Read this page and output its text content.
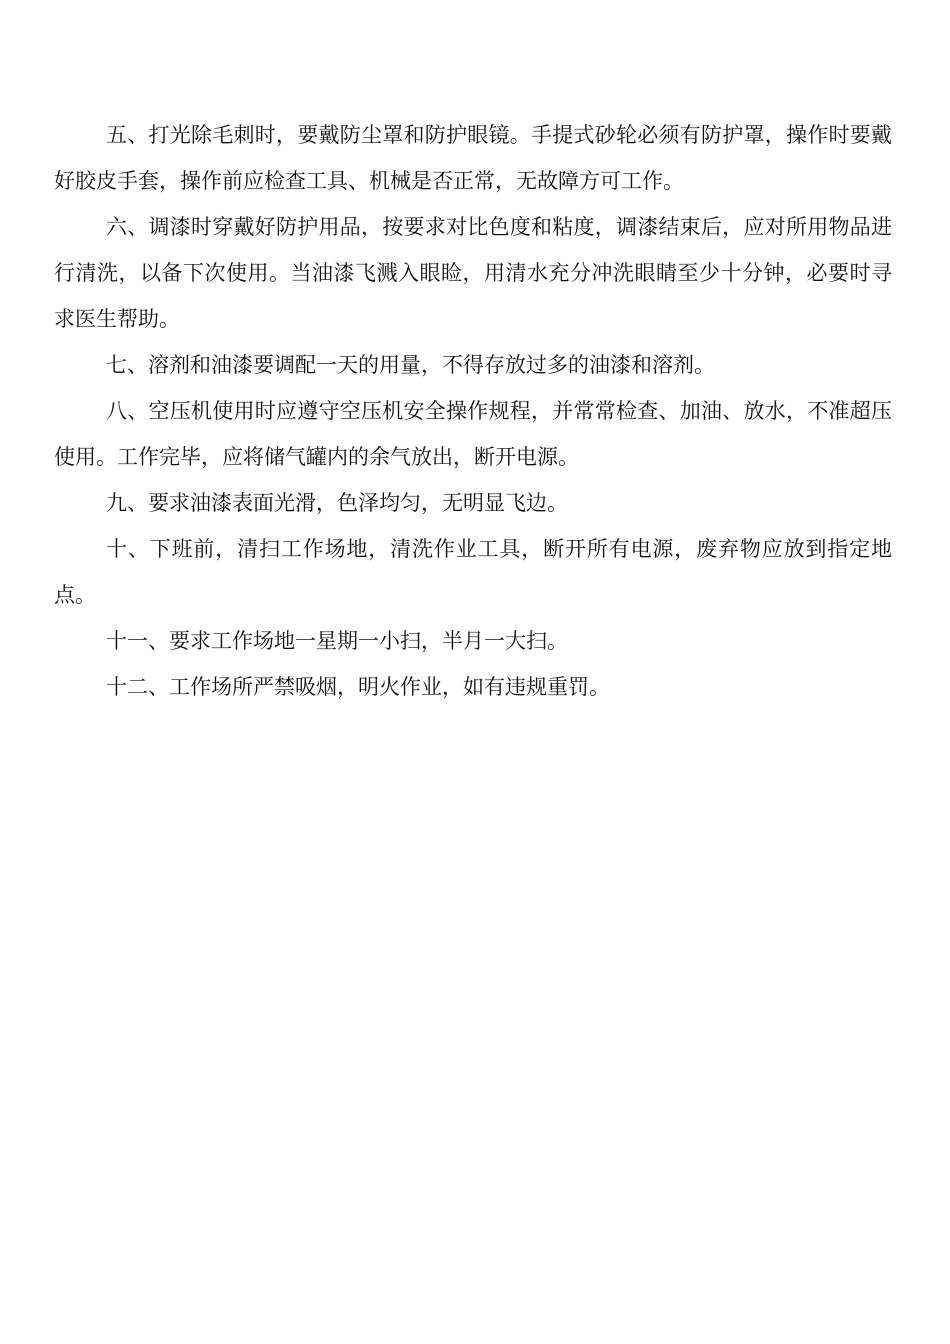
五、打光除毛刺时，要戴防尘罩和防护眼镜。手提式砂轮必须有防护罩，操作时要戴好胶皮手套，操作前应检查工具、机械是否正常，无故障方可工作。

六、调漆时穿戴好防护用品，按要求对比色度和粘度，调漆结束后，应对所用物品进行清洗，以备下次使用。当油漆飞溅入眼睑，用清水充分冲洗眼睛至少十分钟，必要时寻求医生帮助。

七、溶剂和油漆要调配一天的用量，不得存放过多的油漆和溶剂。

八、空压机使用时应遵守空压机安全操作规程，并常常检查、加油、放水，不准超压使用。工作完毕，应将储气罐内的余气放出，断开电源。

九、要求油漆表面光滑，色泽均匀，无明显飞边。

十、下班前，清扫工作场地，清洗作业工具，断开所有电源，废弃物应放到指定地点。

十一、要求工作场地一星期一小扫，半月一大扫。

十二、工作场所严禁吸烟，明火作业，如有违规重罚。
